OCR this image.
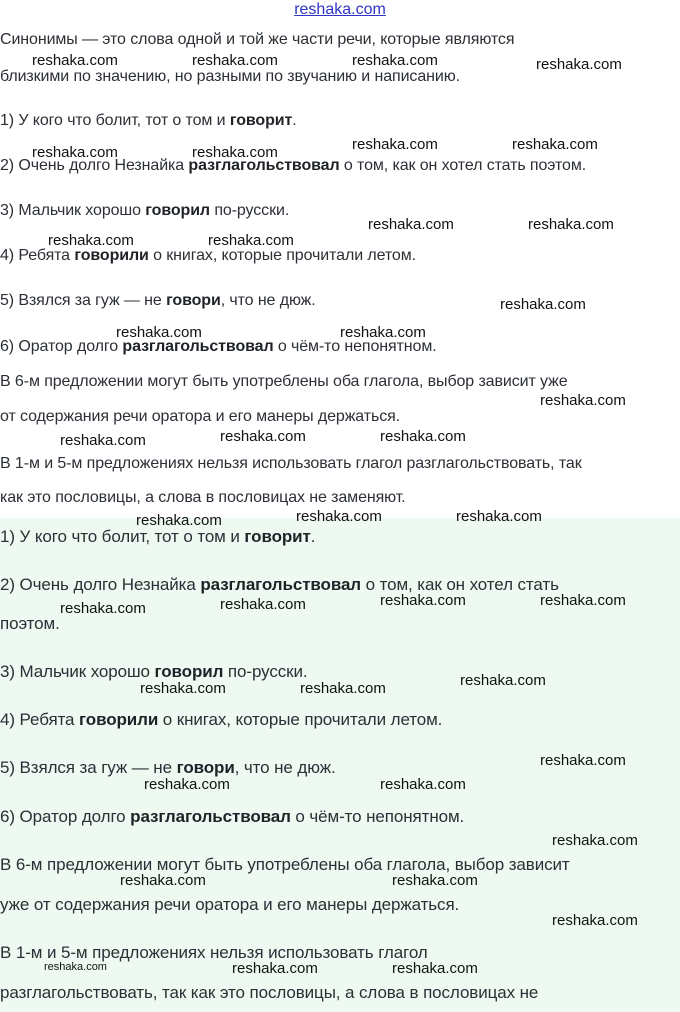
reshaka.com
Синонимы — это слова одной и той же части речи, которые являются
близкими по значению, но разными по звучанию и написанию.
1) У кого что болит, тот о том и говорит.
2) Очень долго Незнайка разглагольствовал о том, как он хотел стать поэтом.
3) Мальчик хорошо говорил по-русски.
4) Ребята говорили о книгах, которые прочитали летом.
5) Взялся за гуж — не говори, что не дюж.
6) Оратор долго разглагольствовал о чём-то непонятном.
В 6-м предложении могут быть употреблены оба глагола, выбор зависит уже
от содержания речи оратора и его манеры держаться.
В 1-м и 5-м предложениях нельзя использовать глагол разглагольствовать, так
как это пословицы, а слова в пословицах не заменяют.
1) У кого что болит, тот о том и говорит.
2) Очень долго Незнайка разглагольствовал о том, как он хотел стать
поэтом.
3) Мальчик хорошо говорил по-русски.
4) Ребята говорили о книгах, которые прочитали летом.
5) Взялся за гуж — не говори, что не дюж.
6) Оратор долго разглагольствовал о чём-то непонятном.
В 6-м предложении могут быть употреблены оба глагола, выбор зависит
уже от содержания речи оратора и его манеры держаться.
В 1-м и 5-м предложениях нельзя использовать глагол
разглагольствовать, так как это пословицы, а слова в пословицах не
reshaka.com	reshaka.com	reshaka.com	reshaka.com
reshaka.com	reshaka.com
reshaka.com	reshaka.com
reshaka.com	reshaka.com
reshaka.com	reshaka.com
reshaka.com
reshaka.com	reshaka.com
reshaka.com
reshaka.com	reshaka.com	reshaka.com
reshaka.com	reshaka.com	reshaka.com
reshaka.com	reshaka.com	reshaka.com	reshaka.com
reshaka.com	reshaka.com	reshaka.com
reshaka.com
reshaka.com	reshaka.com
reshaka.com
reshaka.com	reshaka.com
reshaka.com
reshaka.com	reshaka.com	reshaka.com
